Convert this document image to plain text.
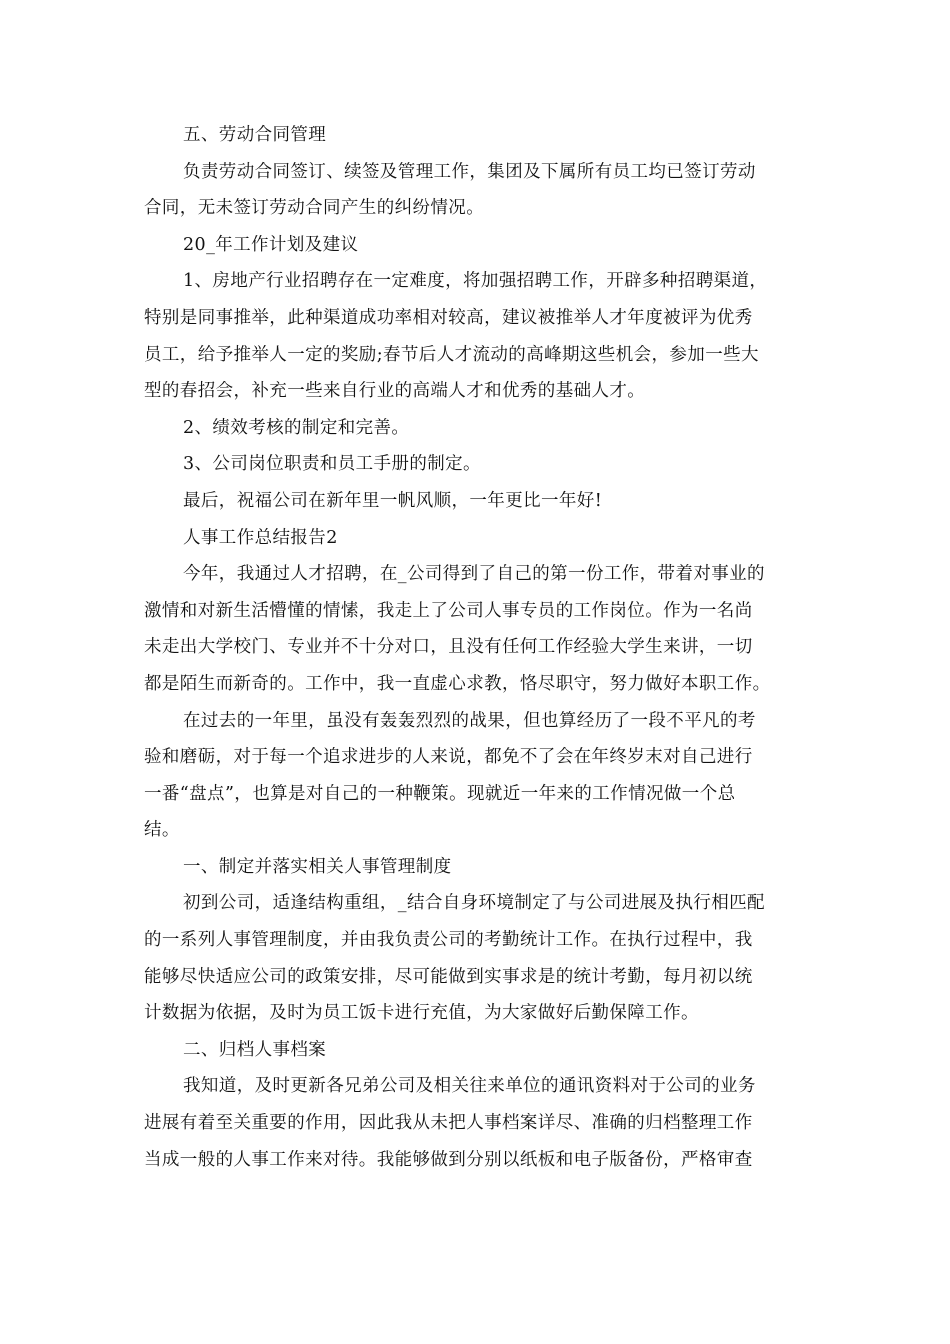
五、劳动合同管理
负责劳动合同签订、续签及管理工作，集团及下属所有员工均已签订劳动
合同，无未签订劳动合同产生的纠纷情况。
20_年工作计划及建议
1、房地产行业招聘存在一定难度，将加强招聘工作，开辟多种招聘渠道，
特别是同事推举，此种渠道成功率相对较高，建议被推举人才年度被评为优秀
员工，给予推举人一定的奖励;春节后人才流动的高峰期这些机会，参加一些大
型的春招会，补充一些来自行业的高端人才和优秀的基础人才。
2、绩效考核的制定和完善。
3、公司岗位职责和员工手册的制定。
最后，祝福公司在新年里一帆风顺，一年更比一年好!
人事工作总结报告2
今年，我通过人才招聘，在_公司得到了自己的第一份工作，带着对事业的
激情和对新生活懵懂的情愫，我走上了公司人事专员的工作岗位。作为一名尚
未走出大学校门、专业并不十分对口，且没有任何工作经验大学生来讲，一切
都是陌生而新奇的。工作中，我一直虚心求教，恪尽职守，努力做好本职工作。
在过去的一年里，虽没有轰轰烈烈的战果，但也算经历了一段不平凡的考
验和磨砺，对于每一个追求进步的人来说，都免不了会在年终岁末对自己进行
一番“盘点”，也算是对自己的一种鞭策。现就近一年来的工作情况做一个总
结。
一、制定并落实相关人事管理制度
初到公司，适逢结构重组，_结合自身环境制定了与公司进展及执行相匹配
的一系列人事管理制度，并由我负责公司的考勤统计工作。在执行过程中，我
能够尽快适应公司的政策安排，尽可能做到实事求是的统计考勤，每月初以统
计数据为依据，及时为员工饭卡进行充值，为大家做好后勤保障工作。
二、归档人事档案
我知道，及时更新各兄弟公司及相关往来单位的通讯资料对于公司的业务
进展有着至关重要的作用，因此我从未把人事档案详尽、准确的归档整理工作
当成一般的人事工作来对待。我能够做到分别以纸板和电子版备份，严格审查
